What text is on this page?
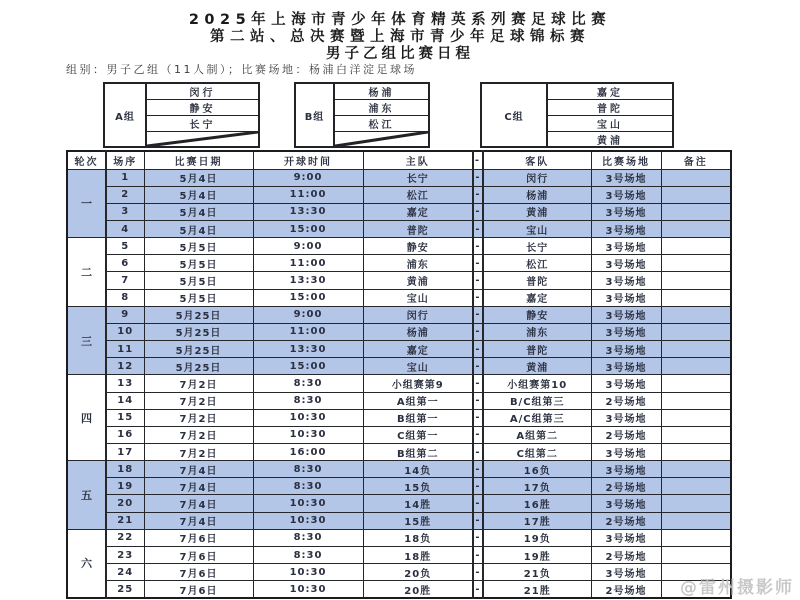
2025年上海市青少年体育精英系列赛足球比赛
第二站、总决赛暨上海市青少年足球锦标赛
男子乙组比赛日程
组别：男子乙组（11人制）；比赛场地：杨浦白洋淀足球场
A组
闵行
静安
长宁
B组
杨浦
浦东
松江
C组
嘉定
普陀
宝山
黄浦
轮次	场序	比赛日期	开球时间	主队	-	客队	比赛场地	备注
一	1	5月4日	9:00	长宁	-	闵行	3号场地	
	2	5月4日	11:00	松江	-	杨浦	3号场地	
	3	5月4日	13:30	嘉定	-	黄浦	3号场地	
	4	5月4日	15:00	普陀	-	宝山	3号场地	
二	5	5月5日	9:00	静安	-	长宁	3号场地	
	6	5月5日	11:00	浦东	-	松江	3号场地	
	7	5月5日	13:30	黄浦	-	普陀	3号场地	
	8	5月5日	15:00	宝山	-	嘉定	3号场地	
三	9	5月25日	9:00	闵行	-	静安	3号场地	
	10	5月25日	11:00	杨浦	-	浦东	3号场地	
	11	5月25日	13:30	嘉定	-	普陀	3号场地	
	12	5月25日	15:00	宝山	-	黄浦	3号场地	
四	13	7月2日	8:30	小组赛第9	-	小组赛第10	3号场地	
	14	7月2日	8:30	A组第一	-	B/C组第三	2号场地	
	15	7月2日	10:30	B组第一	-	A/C组第三	3号场地	
	16	7月2日	10:30	C组第一	-	A组第二	2号场地	
	17	7月2日	16:00	B组第二	-	C组第二	3号场地	
五	18	7月4日	8:30	14负	-	16负	3号场地	
	19	7月4日	8:30	15负	-	17负	2号场地	
	20	7月4日	10:30	14胜	-	16胜	3号场地	
	21	7月4日	10:30	15胜	-	17胜	2号场地	
六	22	7月6日	8:30	18负	-	19负	3号场地	
	23	7月6日	8:30	18胜	-	19胜	2号场地	
	24	7月6日	10:30	20负	-	21负	3号场地	
	25	7月6日	10:30	20胜	-	21胜	2号场地	@雷州摄影师
